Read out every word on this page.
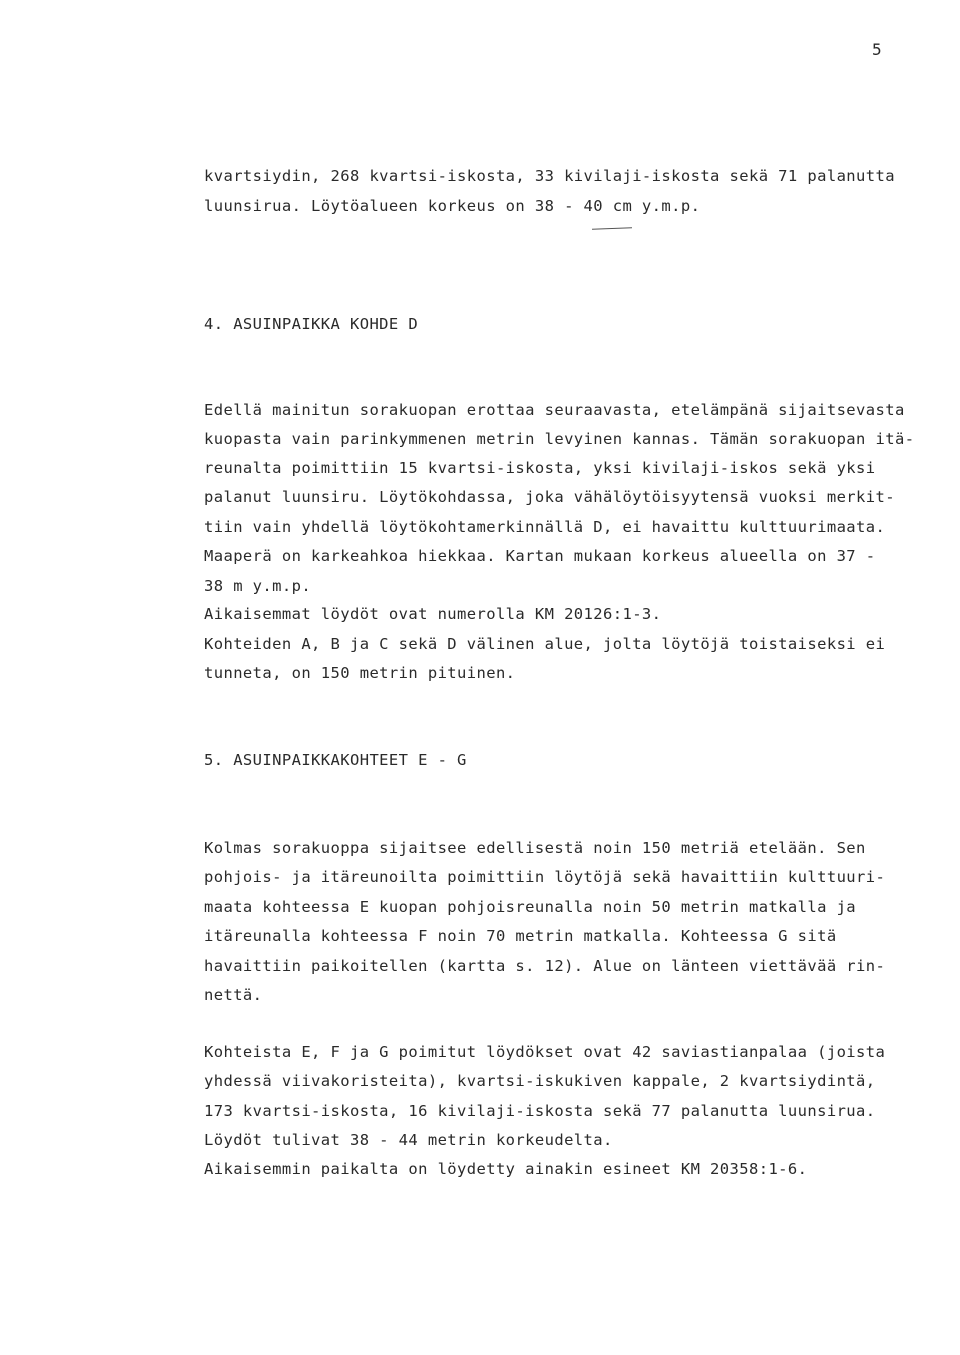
5
kvartsiydin, 268 kvartsi-iskosta, 33 kivilaji-iskosta sekä 71 palanutta
luunsirua. Löytöalueen korkeus on 38 - 40 cm y.m.p.
4. ASUINPAIKKA KOHDE D
Edellä mainitun sorakuopan erottaa seuraavasta, etelämpänä sijaitsevasta
kuopasta vain parinkymmenen metrin levyinen kannas. Tämän sorakuopan itä-
reunalta poimittiin 15 kvartsi-iskosta, yksi kivilaji-iskos sekä yksi
palanut luunsiru. Löytökohdassa, joka vähälöytöisyytensä vuoksi merkit-
tiin vain yhdellä löytökohtamerkinnällä D, ei havaittu kulttuurimaata.
Maaperä on karkeahkoa hiekkaa. Kartan mukaan korkeus alueella on 37 -
38 m y.m.p.
Aikaisemmat löydöt ovat numerolla KM 20126:1-3.
Kohteiden A, B ja C sekä D välinen alue, jolta löytöjä toistaiseksi ei
tunneta, on 150 metrin pituinen.
5. ASUINPAIKKAKOHTEET E - G
Kolmas sorakuoppa sijaitsee edellisestä noin 150 metriä etelään. Sen
pohjois- ja itäreunoilta poimittiin löytöjä sekä havaittiin kulttuuri-
maata kohteessa E kuopan pohjoisreunalla noin 50 metrin matkalla ja
itäreunalla kohteessa F noin 70 metrin matkalla. Kohteessa G sitä
havaittiin paikoitellen (kartta s. 12). Alue on länteen viettävää rin-
nettä.
Kohteista E, F ja G poimitut löydökset ovat 42 saviastianpalaa (joista
yhdessä viivakoristeita), kvartsi-iskukiven kappale, 2 kvartsiydintä,
173 kvartsi-iskosta, 16 kivilaji-iskosta sekä 77 palanutta luunsirua.
Löydöt tulivat 38 - 44 metrin korkeudelta.
Aikaisemmin paikalta on löydetty ainakin esineet KM 20358:1-6.
